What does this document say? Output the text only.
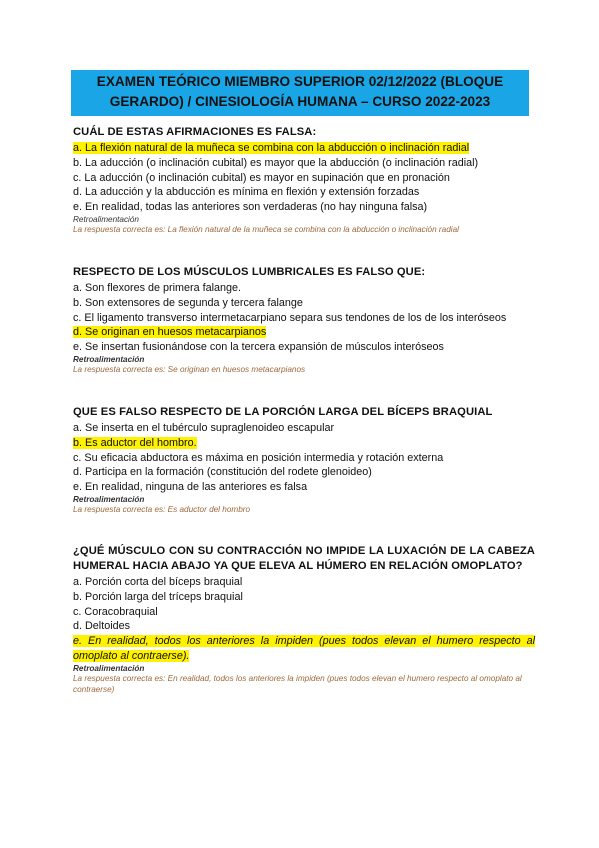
EXAMEN TEÓRICO MIEMBRO SUPERIOR 02/12/2022 (BLOQUE
GERARDO) / CINESIOLOGÍA HUMANA – CURSO 2022-2023
CUÁL DE ESTAS AFIRMACIONES ES FALSA:
a. La flexión natural de la muñeca se combina con la abducción o inclinación radial
b. La aducción (o inclinación cubital) es mayor que la abducción (o inclinación radial)
c. La aducción (o inclinación cubital) es mayor en supinación que en pronación
d. La aducción y la abducción es mínima en flexión y extensión forzadas
e. En realidad, todas las anteriores son verdaderas (no hay ninguna falsa)
Retroalimentación
La respuesta correcta es: La flexión natural de la muñeca se combina con la abducción o inclinación radial
RESPECTO DE LOS MÚSCULOS LUMBRICALES ES FALSO QUE:
a. Son flexores de primera falange.
b. Son extensores de segunda y tercera falange
c. El ligamento transverso intermetacarpiano separa sus tendones de los de los interóseos
d. Se originan en huesos metacarpianos
e. Se insertan fusionándose con la tercera expansión de músculos interóseos
Retroalimentación
La respuesta correcta es: Se originan en huesos metacarpianos
QUE ES FALSO RESPECTO DE LA PORCIÓN LARGA DEL BÍCEPS BRAQUIAL
a. Se inserta en el tubérculo supraglenoideo escapular
b. Es aductor del hombro.
c. Su eficacia abductora es máxima en posición intermedia y rotación externa
d. Participa en la formación (constitución del rodete glenoideo)
e. En realidad, ninguna de las anteriores es falsa
Retroalimentación
La respuesta correcta es: Es aductor del hombro
¿QUÉ MÚSCULO CON SU CONTRACCIÓN NO IMPIDE LA LUXACIÓN DE LA CABEZA HUMERAL HACIA ABAJO YA QUE ELEVA AL HÚMERO EN RELACIÓN OMOPLATO?
a. Porción corta del bíceps braquial
b. Porción larga del tríceps braquial
c. Coracobraquial
d. Deltoides
e. En realidad, todos los anteriores la impiden (pues todos elevan el humero respecto al omoplato al contraerse).
Retroalimentación
La respuesta correcta es: En realidad, todos los anteriores la impiden (pues todos elevan el humero respecto al omoplato al contraerse)
